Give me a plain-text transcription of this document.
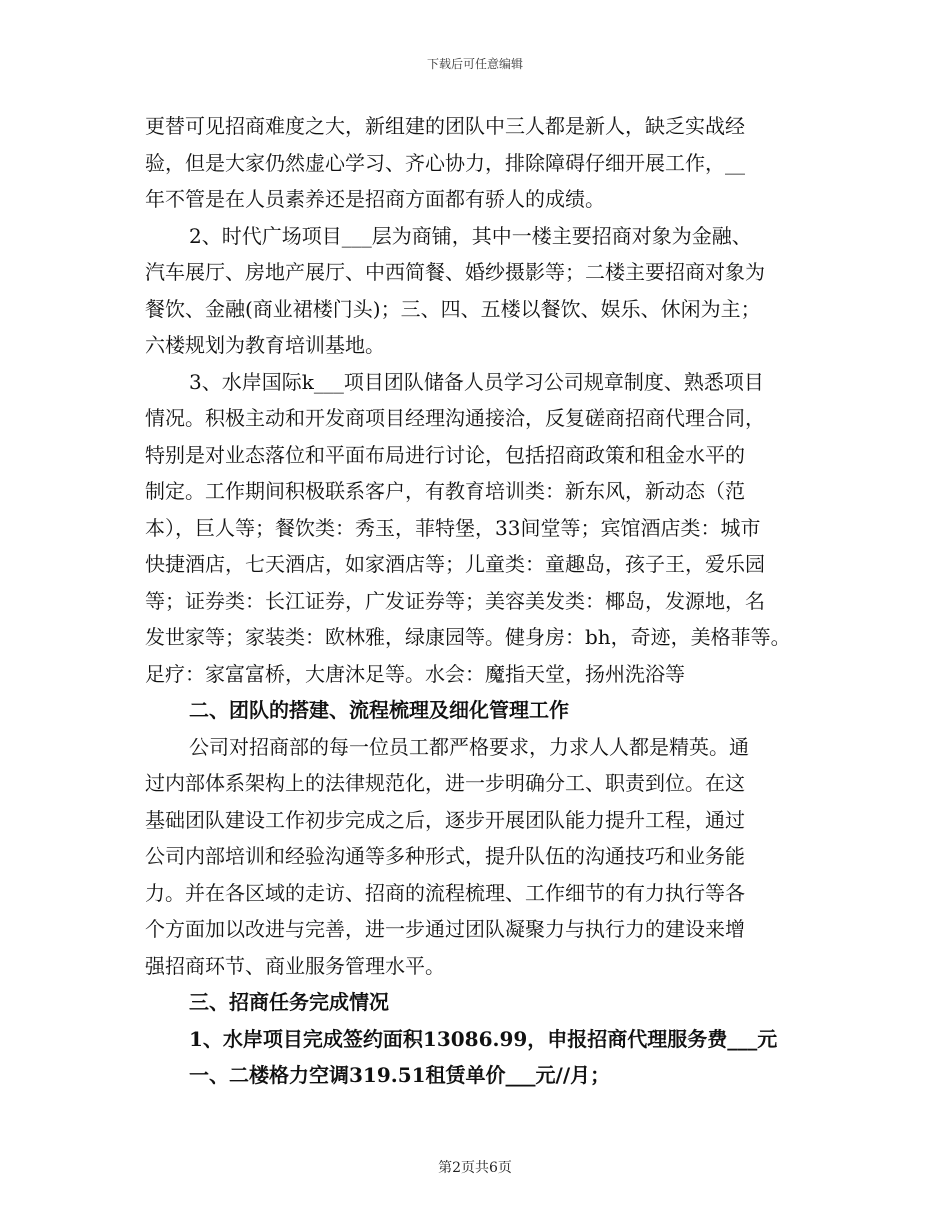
下载后可任意编辑
更替可见招商难度之大，新组建的团队中三人都是新人，缺乏实战经
验，但是大家仍然虚心学习、齐心协力，排除障碍仔细开展工作，__
年不管是在人员素养还是招商方面都有骄人的成绩。
2、时代广场项目___层为商铺，其中一楼主要招商对象为金融、
汽车展厅、房地产展厅、中西简餐、婚纱摄影等；二楼主要招商对象为
餐饮、金融(商业裙楼门头)；三、四、五楼以餐饮、娱乐、休闲为主；
六楼规划为教育培训基地。
3、水岸国际k___项目团队储备人员学习公司规章制度、熟悉项目
情况。积极主动和开发商项目经理沟通接洽，反复磋商招商代理合同，
特别是对业态落位和平面布局进行讨论，包括招商政策和租金水平的
制定。工作期间积极联系客户，有教育培训类：新东风，新动态（范
本），巨人等；餐饮类：秀玉，菲特堡，33间堂等；宾馆酒店类：城市
快捷酒店，七天酒店，如家酒店等；儿童类：童趣岛，孩子王，爱乐园
等；证券类：长江证券，广发证券等；美容美发类：椰岛，发源地，名
发世家等；家装类：欧林雅，绿康园等。健身房：bh，奇迹，美格菲等。
足疗：家富富桥，大唐沐足等。水会：魔指天堂，扬州洗浴等
二、团队的搭建、流程梳理及细化管理工作
公司对招商部的每一位员工都严格要求，力求人人都是精英。通
过内部体系架构上的法律规范化，进一步明确分工、职责到位。在这
基础团队建设工作初步完成之后，逐步开展团队能力提升工程，通过
公司内部培训和经验沟通等多种形式，提升队伍的沟通技巧和业务能
力。并在各区域的走访、招商的流程梳理、工作细节的有力执行等各
个方面加以改进与完善，进一步通过团队凝聚力与执行力的建设来增
强招商环节、商业服务管理水平。
三、招商任务完成情况
1、水岸项目完成签约面积13086.99，申报招商代理服务费___元
一、二楼格力空调319.51租赁单价___元//月；
第2页共6页
